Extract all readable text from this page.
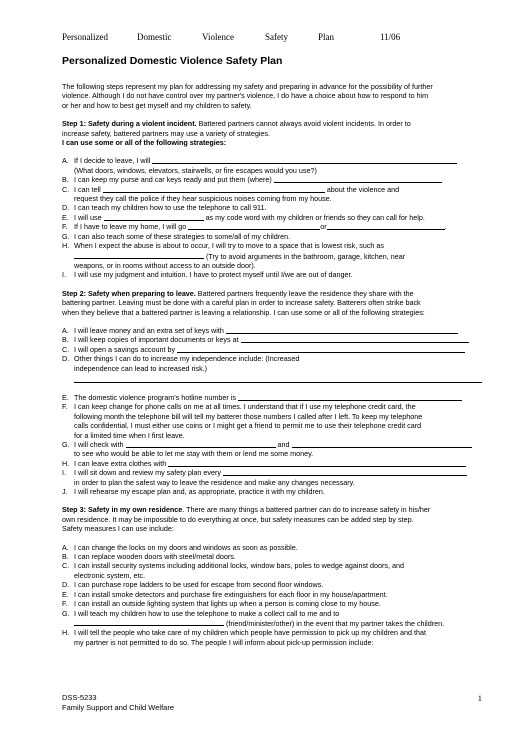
Personalized	Domestic	Violence	Safety	Plan	11/06
Personalized Domestic Violence Safety Plan

The following steps represent my plan for addressing my safety and preparing in advance for the possibility of further

violence. Although I do not have control over my partner's violence, I do have a choice about how to respond to him

or her and how to best get myself and my children to safety.

Step 1: Safety during a violent incident. Battered partners cannot always avoid violent incidents. In order to

increase safety, battered partners may use a variety of strategies.

I can use some or all of the following strategies:

A. If I decide to leave, I will

(What doors, windows, elevators, stairwells, or fire escapes would you use?)
B. I can keep my purse and car keys ready and put them (where)

C. I can tell

	about the violence and
request they call the police if they hear suspicious noises coming from my house.
D. I can teach my children how to use the telephone to call 911.
E. I will use

	as my code word with my children or friends so they can call for help.
F. If I have to leave my home, I will go
	or	.
G. I can also teach some of these strategies to some/all of my children.
H. When I expect the abuse is about to occur, I will try to move to a space that is lowest risk, such as
(Try to avoid arguments in the bathroom, garage, kitchen, near
weapons, or in rooms without access to an outside door).
I.	I will use my judgment and intuition. I have to protect myself until I/we are out of danger.

Step 2: Safety when preparing to leave. Battered partners frequently leave the residence they share with the

battering partner. Leaving must be done with a careful plan in order to increase safety. Batterers often strike back

when they believe that a battered partner is leaving a relationship. I can use some or all of the following strategies:

A. I will leave money and an extra set of keys with

B. I will keep copies of important documents or keys at

C. I will open a savings account by

D. Other things I can do to increase my independence include: (Increased
independence can lead to increased risk.)
E. The domestic violence program's hotline number is

F. I can keep change for phone calls on me at all times. I understand that if I use my telephone credit card, the
following month the telephone bill will tell my batterer those numbers I called after I left. To keep my telephone
calls confidential, I must either use coins or I might get a friend to permit me to use their telephone credit card
for a limited time when I first leave.
G. I will check with

	and

to see who would be able to let me stay with them or lend me some money.
H. I can leave extra clothes with

I.	I will sit down and review my safety plan every

in order to plan the safest way to leave the residence and make any changes necessary.
J. I will rehearse my escape plan and, as appropriate, practice it with my children.

Step 3: Safety in my own residence. There are many things a battered partner can do to increase safety in his/her

own residence. It may be impossible to do everything at once, but safety measures can be added step by step.

Safety measures I can use include:

A. I can change the locks on my doors and windows as soon as possible.
B. I can replace wooden doors with steel/metal doors.
C. I can install security systems including additional locks, window bars, poles to wedge against doors, and
electronic system, etc.
D. I can purchase rope ladders to be used for escape from second floor windows.
E. I can install smoke detectors and purchase fire extinguishers for each floor in my house/apartment.
F. I can install an outside lighting system that lights up when a person is coming close to my house.
G. I will teach my children how to use the telephone to make a collect call to me and to
(friend/minister/other) in the event that my partner takes the children.
H. I will tell the people who take care of my children which people have permission to pick up my children and that
my partner is not permitted to do so. The people I will inform about pick-up permission include:
DSS-5233
Family Support and Child Welfare
1
